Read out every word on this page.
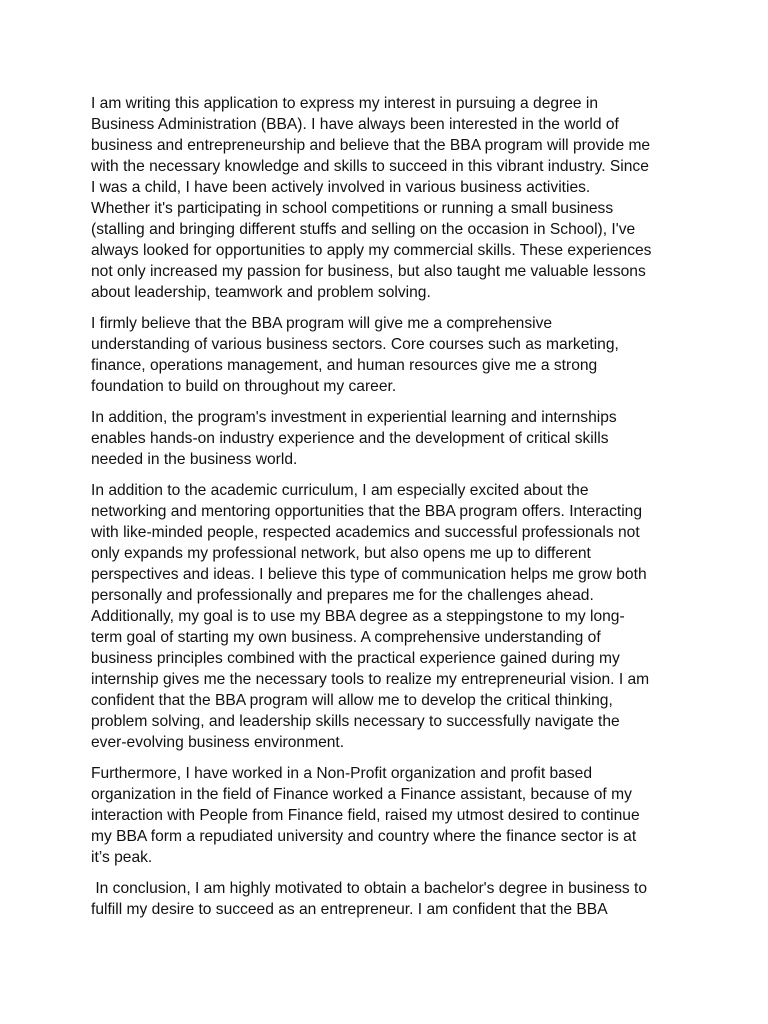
I am writing this application to express my interest in pursuing a degree in
Business Administration (BBA). I have always been interested in the world of
business and entrepreneurship and believe that the BBA program will provide me
with the necessary knowledge and skills to succeed in this vibrant industry. Since
I was a child, I have been actively involved in various business activities.
Whether it's participating in school competitions or running a small business
(stalling and bringing different stuffs and selling on the occasion in School), I've
always looked for opportunities to apply my commercial skills. These experiences
not only increased my passion for business, but also taught me valuable lessons
about leadership, teamwork and problem solving.

I firmly believe that the BBA program will give me a comprehensive
understanding of various business sectors. Core courses such as marketing,
finance, operations management, and human resources give me a strong
foundation to build on throughout my career.

In addition, the program's investment in experiential learning and internships
enables hands-on industry experience and the development of critical skills
needed in the business world.

In addition to the academic curriculum, I am especially excited about the
networking and mentoring opportunities that the BBA program offers. Interacting
with like-minded people, respected academics and successful professionals not
only expands my professional network, but also opens me up to different
perspectives and ideas. I believe this type of communication helps me grow both
personally and professionally and prepares me for the challenges ahead.
Additionally, my goal is to use my BBA degree as a steppingstone to my long-
term goal of starting my own business. A comprehensive understanding of
business principles combined with the practical experience gained during my
internship gives me the necessary tools to realize my entrepreneurial vision. I am
confident that the BBA program will allow me to develop the critical thinking,
problem solving, and leadership skills necessary to successfully navigate the
ever-evolving business environment.

Furthermore, I have worked in a Non-Profit organization and profit based
organization in the field of Finance worked a Finance assistant, because of my
interaction with People from Finance field, raised my utmost desired to continue
my BBA form a repudiated university and country where the finance sector is at
it’s peak.

In conclusion, I am highly motivated to obtain a bachelor's degree in business to
fulfill my desire to succeed as an entrepreneur. I am confident that the BBA
